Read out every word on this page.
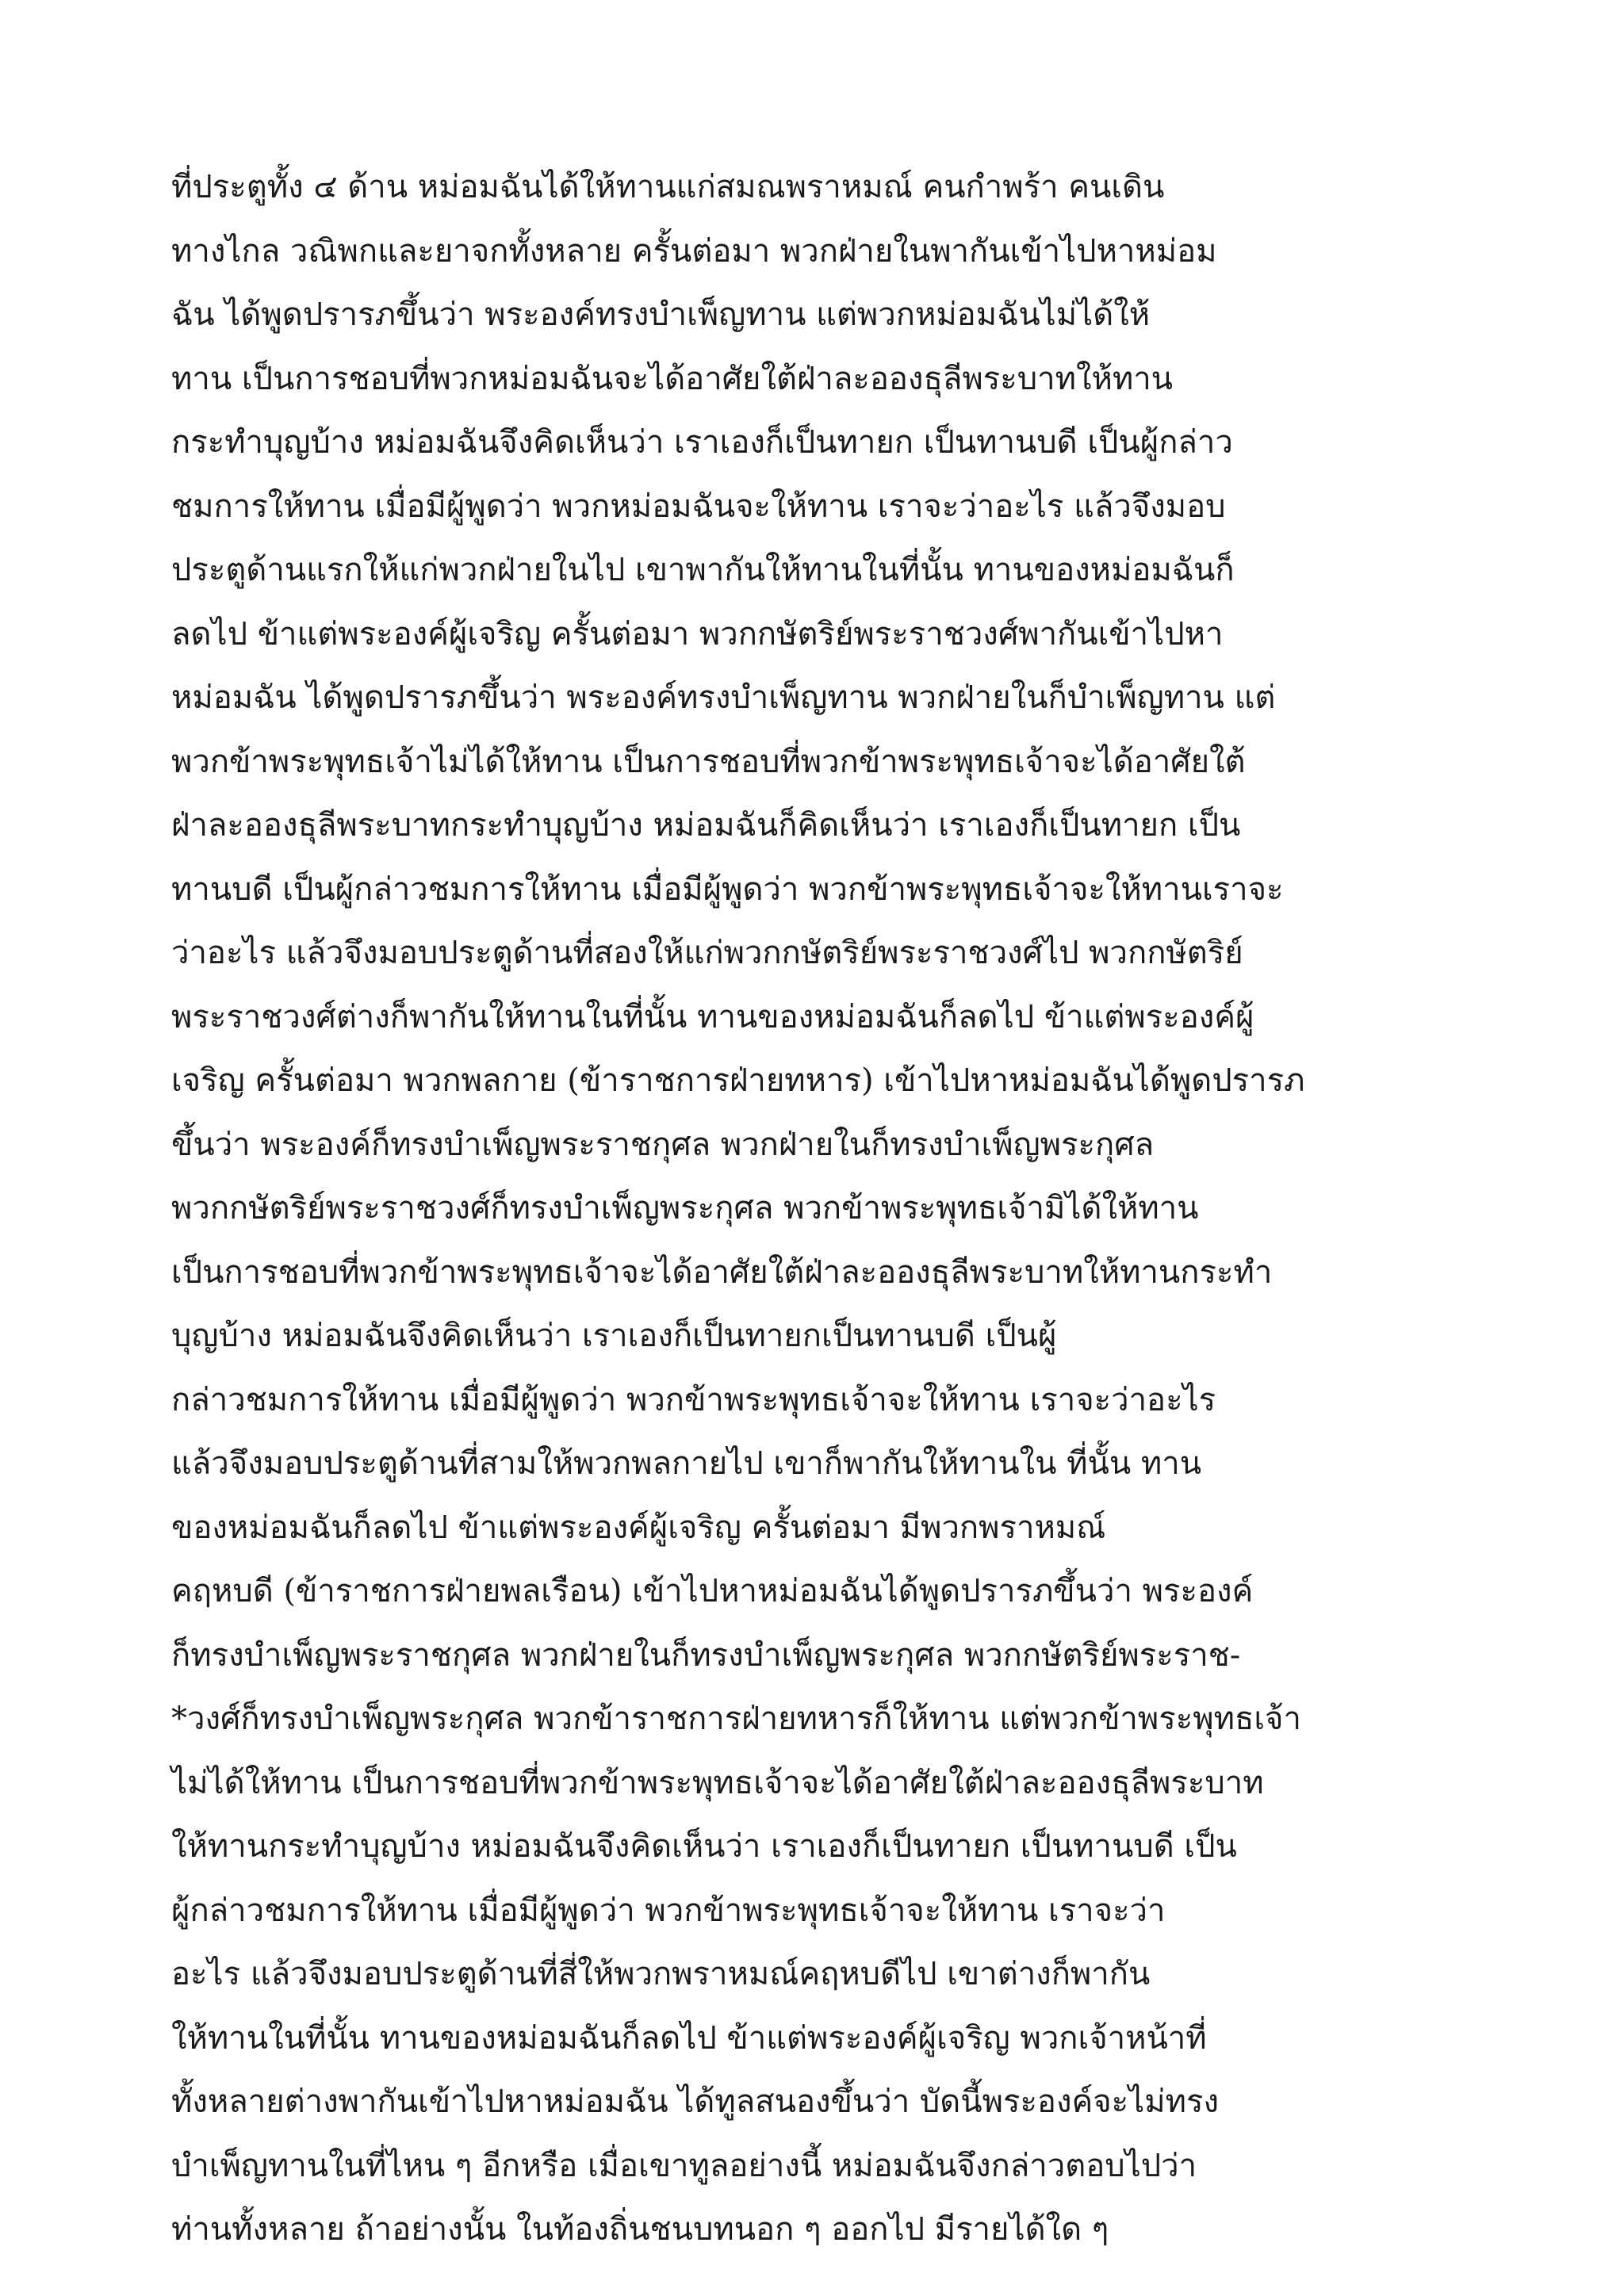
ที่ประตูทั้ง ๔ ด้าน หม่อมฉันได้ให้ทานแก่สมณพราหมณ์ คนกำพร้า คนเดิน
ทางไกล วณิพกและยาจกทั้งหลาย ครั้นต่อมา พวกฝ่ายในพากันเข้าไปหาหม่อม
ฉัน ได้พูดปรารภขึ้นว่า พระองค์ทรงบำเพ็ญทาน แต่พวกหม่อมฉันไม่ได้ให้
ทาน เป็นการชอบที่พวกหม่อมฉันจะได้อาศัยใต้ฝ่าละอองธุลีพระบาทให้ทาน
กระทำบุญบ้าง หม่อมฉันจึงคิดเห็นว่า เราเองก็เป็นทายก เป็นทานบดี เป็นผู้กล่าว
ชมการให้ทาน เมื่อมีผู้พูดว่า พวกหม่อมฉันจะให้ทาน เราจะว่าอะไร แล้วจึงมอบ
ประตูด้านแรกให้แก่พวกฝ่ายในไป เขาพากันให้ทานในที่นั้น ทานของหม่อมฉันก็
ลดไป ข้าแต่พระองค์ผู้เจริญ ครั้นต่อมา พวกกษัตริย์พระราชวงศ์พากันเข้าไปหา
หม่อมฉัน ได้พูดปรารภขึ้นว่า พระองค์ทรงบำเพ็ญทาน พวกฝ่ายในก็บำเพ็ญทาน แต่
พวกข้าพระพุทธเจ้าไม่ได้ให้ทาน เป็นการชอบที่พวกข้าพระพุทธเจ้าจะได้อาศัยใต้
ฝ่าละอองธุลีพระบาทกระทำบุญบ้าง หม่อมฉันก็คิดเห็นว่า เราเองก็เป็นทายก เป็น
ทานบดี เป็นผู้กล่าวชมการให้ทาน เมื่อมีผู้พูดว่า พวกข้าพระพุทธเจ้าจะให้ทานเราจะ
ว่าอะไร แล้วจึงมอบประตูด้านที่สองให้แก่พวกกษัตริย์พระราชวงศ์ไป พวกกษัตริย์
พระราชวงศ์ต่างก็พากันให้ทานในที่นั้น ทานของหม่อมฉันก็ลดไป ข้าแต่พระองค์ผู้
เจริญ ครั้นต่อมา พวกพลกาย (ข้าราชการฝ่ายทหาร) เข้าไปหาหม่อมฉันได้พูดปรารภ
ขึ้นว่า พระองค์ก็ทรงบำเพ็ญพระราชกุศล พวกฝ่ายในก็ทรงบำเพ็ญพระกุศล
พวกกษัตริย์พระราชวงศ์ก็ทรงบำเพ็ญพระกุศล พวกข้าพระพุทธเจ้ามิได้ให้ทาน
เป็นการชอบที่พวกข้าพระพุทธเจ้าจะได้อาศัยใต้ฝ่าละอองธุลีพระบาทให้ทานกระทำ
บุญบ้าง หม่อมฉันจึงคิดเห็นว่า เราเองก็เป็นทายกเป็นทานบดี เป็นผู้
กล่าวชมการให้ทาน เมื่อมีผู้พูดว่า พวกข้าพระพุทธเจ้าจะให้ทาน เราจะว่าอะไร
แล้วจึงมอบประตูด้านที่สามให้พวกพลกายไป เขาก็พากันให้ทานใน ที่นั้น ทาน
ของหม่อมฉันก็ลดไป ข้าแต่พระองค์ผู้เจริญ ครั้นต่อมา มีพวกพราหมณ์
คฤหบดี (ข้าราชการฝ่ายพลเรือน) เข้าไปหาหม่อมฉันได้พูดปรารภขึ้นว่า พระองค์
ก็ทรงบำเพ็ญพระราชกุศล พวกฝ่ายในก็ทรงบำเพ็ญพระกุศล พวกกษัตริย์พระราช-
*วงศ์ก็ทรงบำเพ็ญพระกุศล พวกข้าราชการฝ่ายทหารก็ให้ทาน แต่พวกข้าพระพุทธเจ้า
ไม่ได้ให้ทาน เป็นการชอบที่พวกข้าพระพุทธเจ้าจะได้อาศัยใต้ฝ่าละอองธุลีพระบาท
ให้ทานกระทำบุญบ้าง หม่อมฉันจึงคิดเห็นว่า เราเองก็เป็นทายก เป็นทานบดี เป็น
ผู้กล่าวชมการให้ทาน เมื่อมีผู้พูดว่า พวกข้าพระพุทธเจ้าจะให้ทาน เราจะว่า
อะไร แล้วจึงมอบประตูด้านที่สี่ให้พวกพราหมณ์คฤหบดีไป เขาต่างก็พากัน
ให้ทานในที่นั้น ทานของหม่อมฉันก็ลดไป ข้าแต่พระองค์ผู้เจริญ พวกเจ้าหน้าที่
ทั้งหลายต่างพากันเข้าไปหาหม่อมฉัน ได้ทูลสนองขึ้นว่า บัดนี้พระองค์จะไม่ทรง
บำเพ็ญทานในที่ไหน ๆ อีกหรือ เมื่อเขาทูลอย่างนี้ หม่อมฉันจึงกล่าวตอบไปว่า
ท่านทั้งหลาย ถ้าอย่างนั้น ในท้องถิ่นชนบทนอก ๆ ออกไป มีรายได้ใด ๆ
